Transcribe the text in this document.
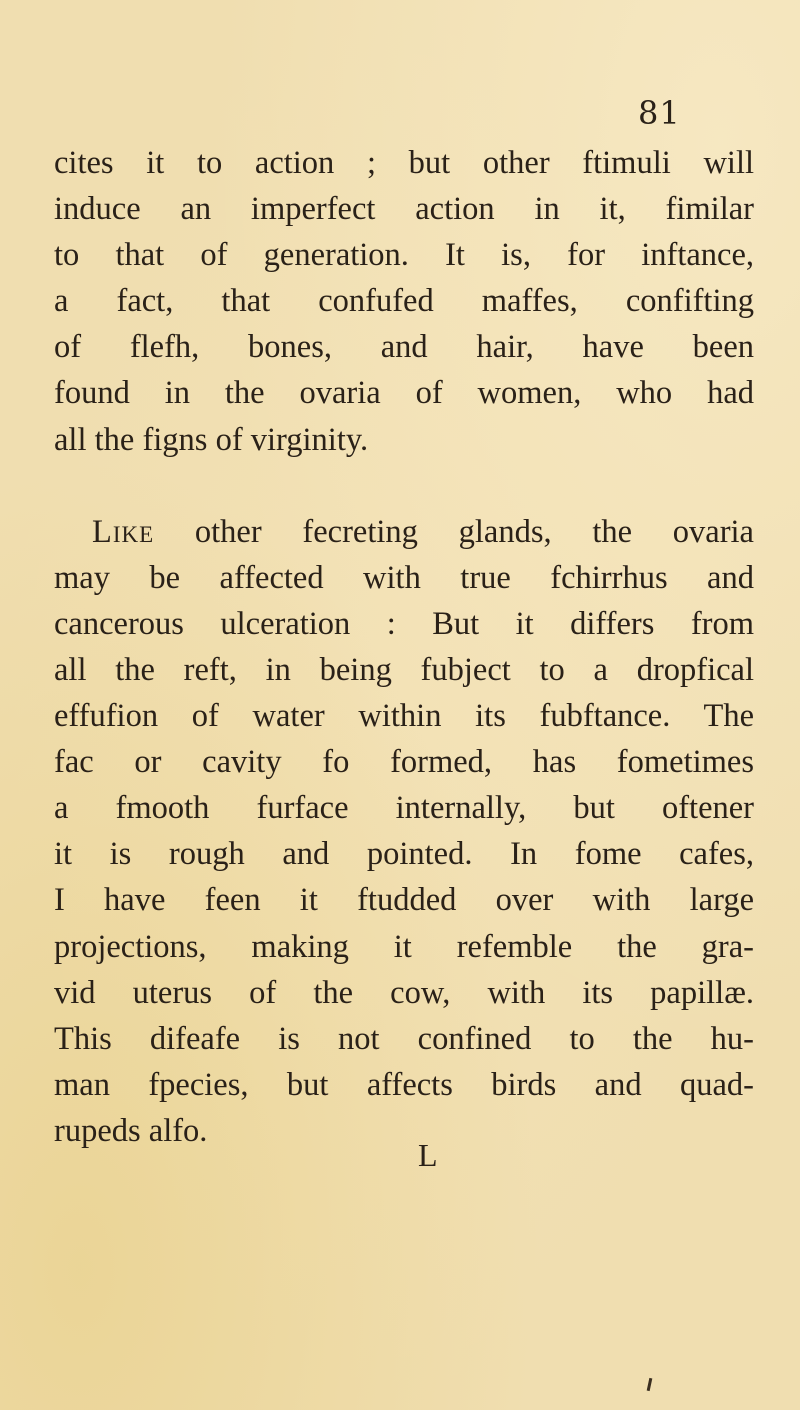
81
cites it to action ; but other ftimuli will
induce an imperfect action in it, fimilar
to that of generation. It is, for inftance,
a fact, that confufed maffes, confifting
of flefh, bones, and hair, have been
found in the ovaria of women, who had
all the figns of virginity.
Like other fecreting glands, the ovaria
may be affected with true fchirrhus and
cancerous ulceration : But it differs from
all the reft, in being fubject to a dropfical
effufion of water within its fubftance. The
fac or cavity fo formed, has fometimes
a fmooth furface internally, but oftener
it is rough and pointed. In fome cafes,
I have feen it ftudded over with large
projections, making it refemble the gra-
vid uterus of the cow, with its papillæ.
This difeafe is not confined to the hu-
man fpecies, but affects birds and quad-
rupeds alfo.
L
